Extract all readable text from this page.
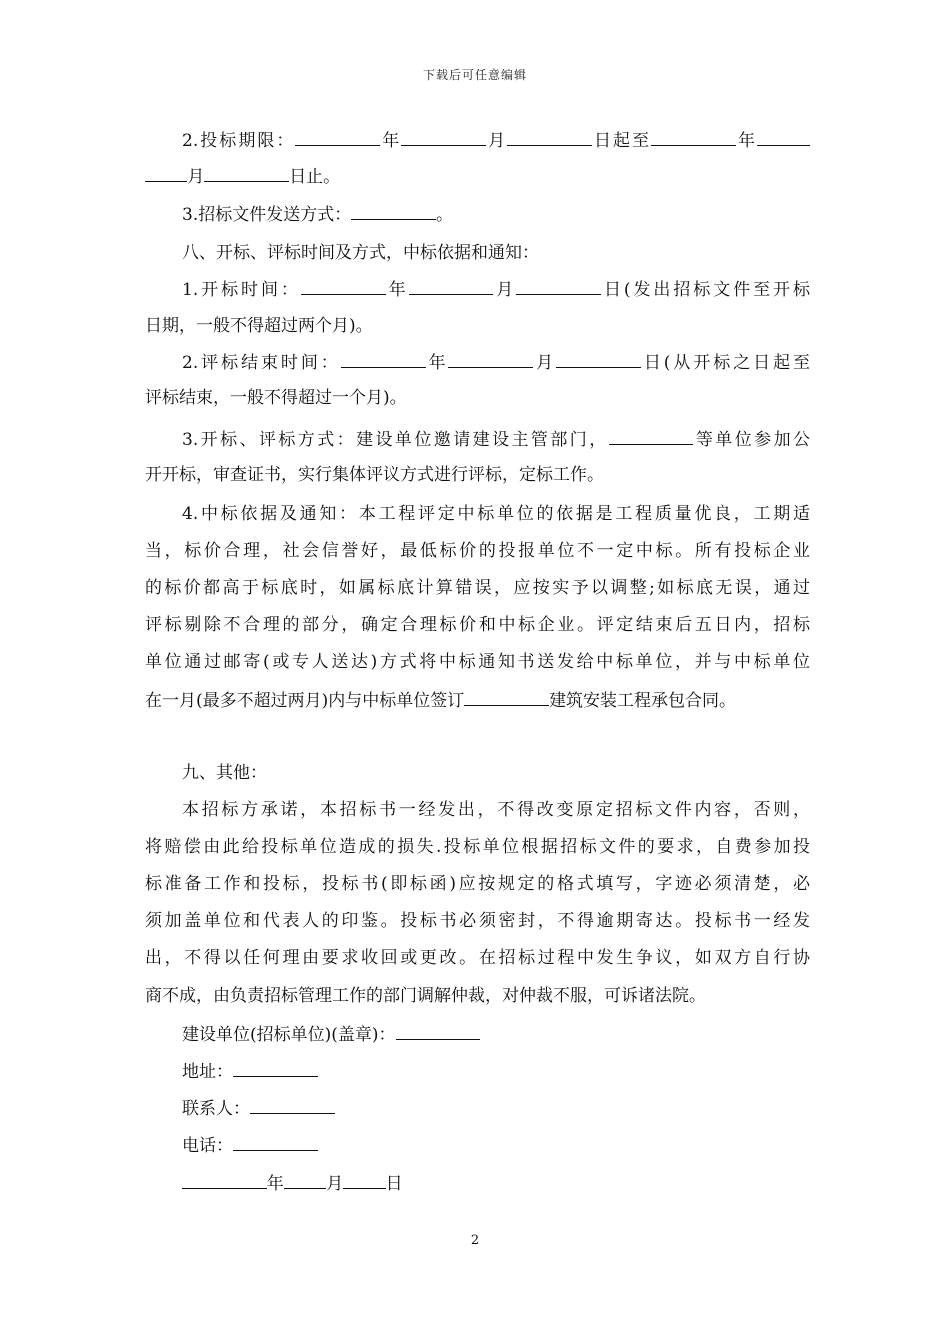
下载后可任意编辑
2.投标期限：	年	月	日起至	年
月	日止。
3.招标文件发送方式：	。
八、开标、评标时间及方式，中标依据和通知：
1.开标时间：	年	月	日(发出招标文件至开标
日期，一般不得超过两个月)。
2.评标结束时间：	年	月	日(从开标之日起至
评标结束，一般不得超过一个月)。
3.开标、评标方式：建设单位邀请建设主管部门，	等单位参加公
开开标，审查证书，实行集体评议方式进行评标，定标工作。
4.中标依据及通知：本工程评定中标单位的依据是工程质量优良，工期适
当，标价合理，社会信誉好，最低标价的投报单位不一定中标。所有投标企业
的标价都高于标底时，如属标底计算错误，应按实予以调整;如标底无误，通过
评标剔除不合理的部分，确定合理标价和中标企业。评定结束后五日内，招标
单位通过邮寄(或专人送达)方式将中标通知书送发给中标单位，并与中标单位
在一月(最多不超过两月)内与中标单位签订	建筑安装工程承包合同。
九、其他：
本招标方承诺，本招标书一经发出，不得改变原定招标文件内容，否则，
将赔偿由此给投标单位造成的损失.投标单位根据招标文件的要求，自费参加投
标准备工作和投标，投标书(即标函)应按规定的格式填写，字迹必须清楚，必
须加盖单位和代表人的印鉴。投标书必须密封，不得逾期寄达。投标书一经发
出，不得以任何理由要求收回或更改。在招标过程中发生争议，如双方自行协
商不成，由负责招标管理工作的部门调解仲裁，对仲裁不服，可诉诸法院。
建设单位(招标单位)(盖章)：
地址：
联系人：
电话：
年 月 日
2
